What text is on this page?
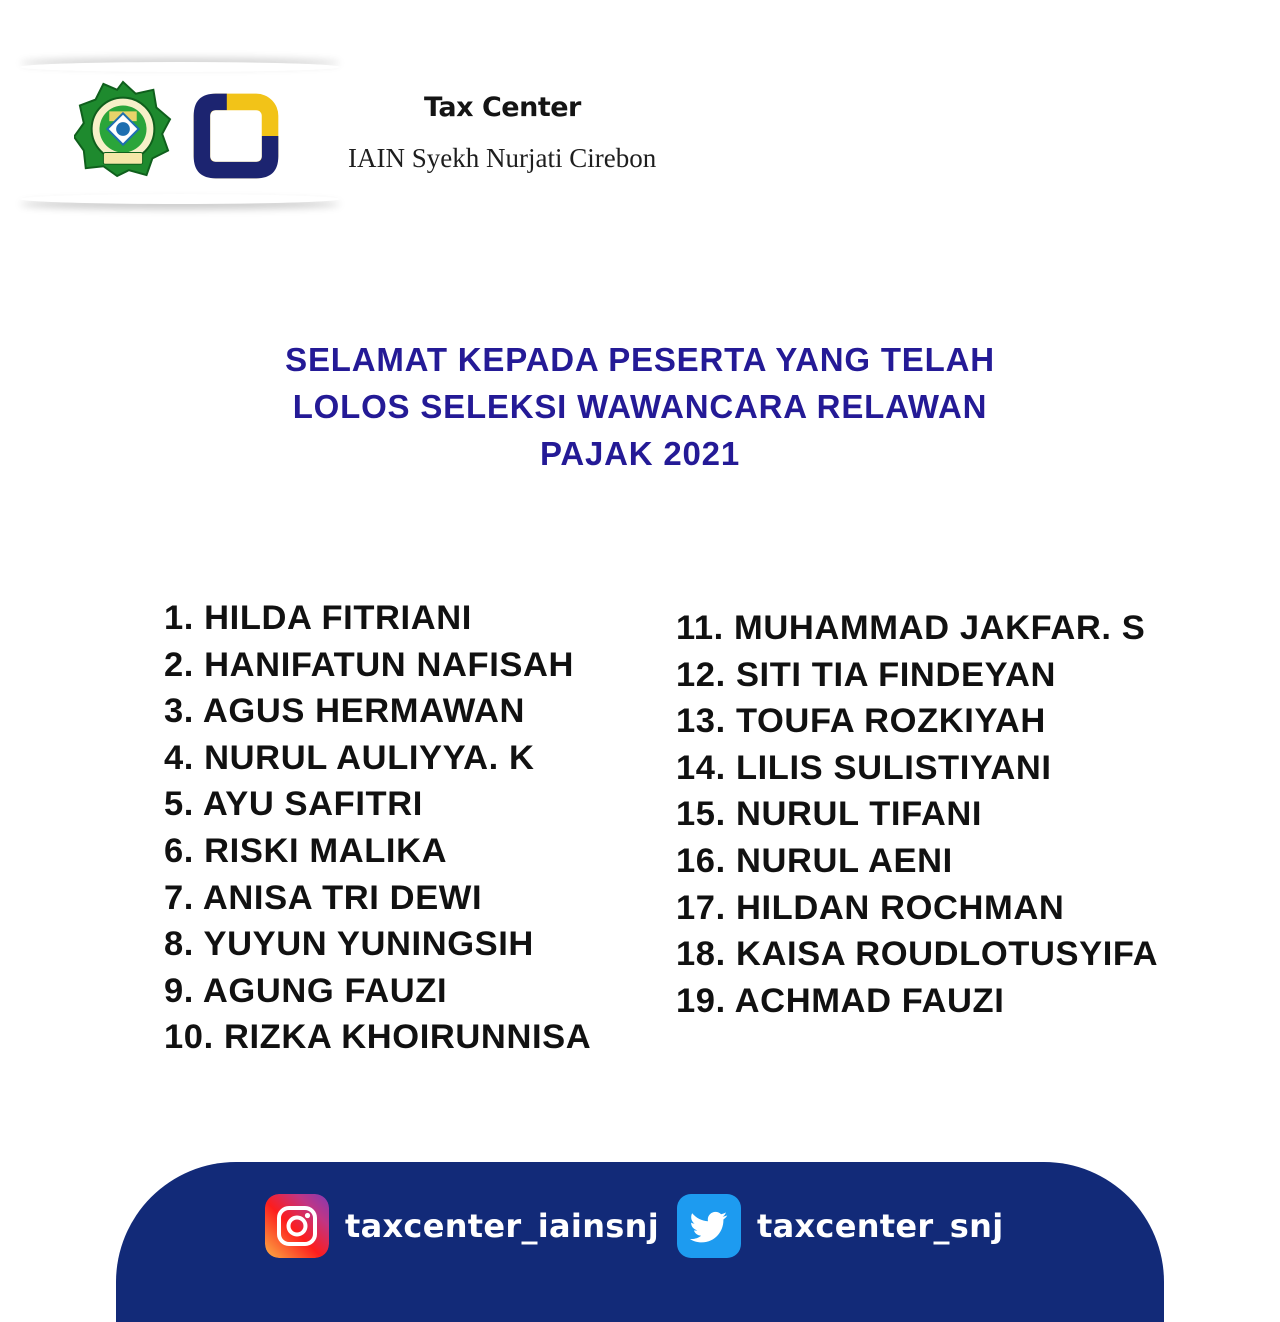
Tax Center
IAIN Syekh Nurjati Cirebon
SELAMAT KEPADA PESERTA YANG TELAH
LOLOS SELEKSI WAWANCARA RELAWAN
PAJAK 2021
1. HILDA FITRIANI
2. HANIFATUN NAFISAH
3. AGUS HERMAWAN
4. NURUL AULIYYA. K
5. AYU SAFITRI
6. RISKI MALIKA
7. ANISA TRI DEWI
8. YUYUN YUNINGSIH
9. AGUNG FAUZI
10. RIZKA KHOIRUNNISA
11. MUHAMMAD JAKFAR. S
12. SITI TIA FINDEYAN
13. TOUFA ROZKIYAH
14. LILIS SULISTIYANI
15. NURUL TIFANI
16. NURUL AENI
17. HILDAN ROCHMAN
18. KAISA ROUDLOTUSYIFA
19. ACHMAD FAUZI
taxcenter_iainsnj	taxcenter_snj
